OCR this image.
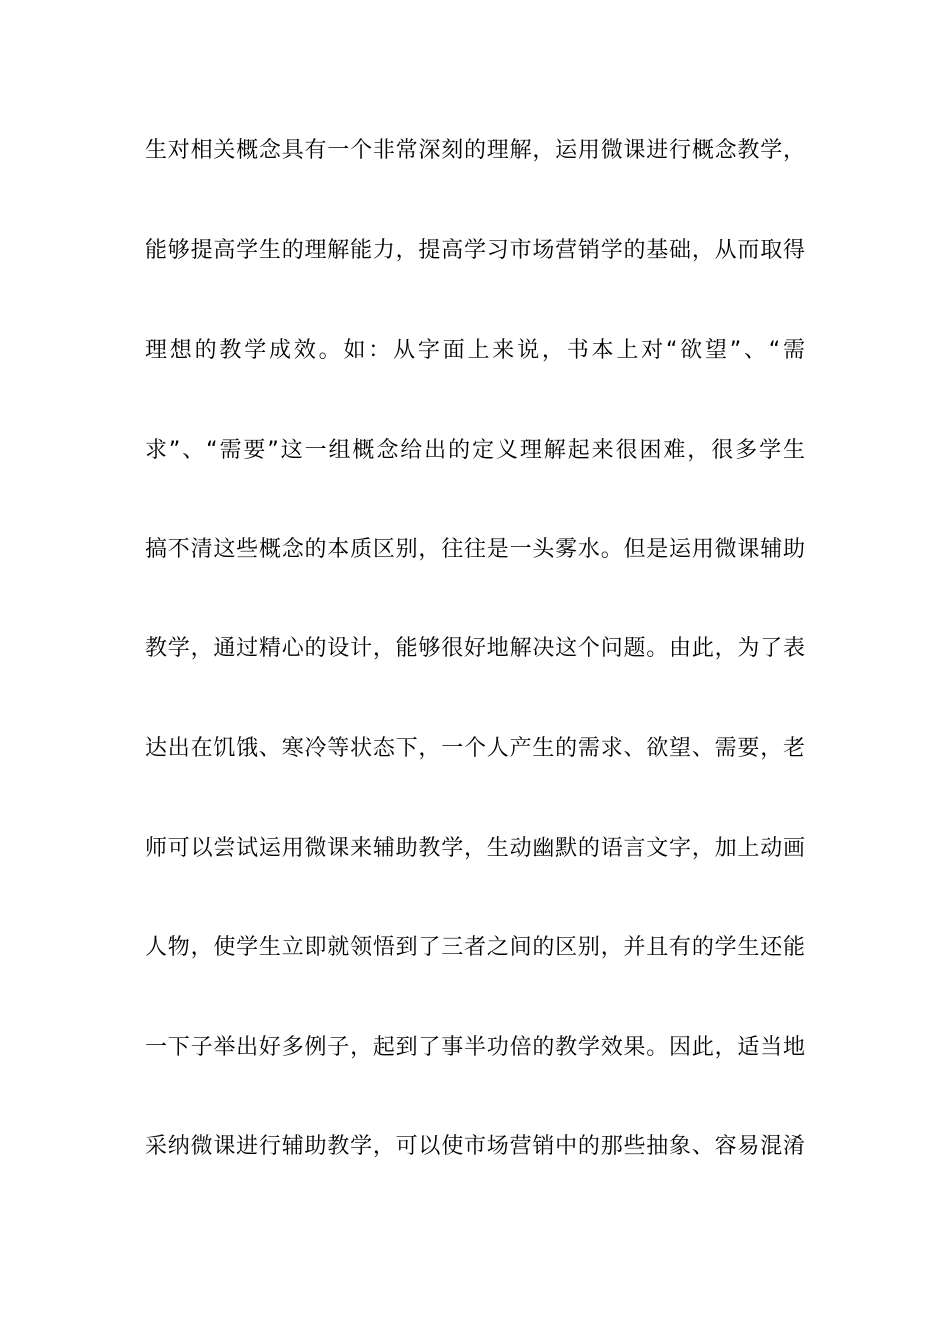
生对相关概念具有一个非常深刻的理解，运用微课进行概念教学，
能够提高学生的理解能力，提高学习市场营销学的基础，从而取得
理想的教学成效。如：从字面上来说，书本上对“欲望”、“需
求”、“需要”这一组概念给出的定义理解起来很困难，很多学生
搞不清这些概念的本质区别，往往是一头雾水。但是运用微课辅助
教学，通过精心的设计，能够很好地解决这个问题。由此，为了表
达出在饥饿、寒冷等状态下，一个人产生的需求、欲望、需要，老
师可以尝试运用微课来辅助教学，生动幽默的语言文字，加上动画
人物，使学生立即就领悟到了三者之间的区别，并且有的学生还能
一下子举出好多例子，起到了事半功倍的教学效果。因此，适当地
采纳微课进行辅助教学，可以使市场营销中的那些抽象、容易混淆
